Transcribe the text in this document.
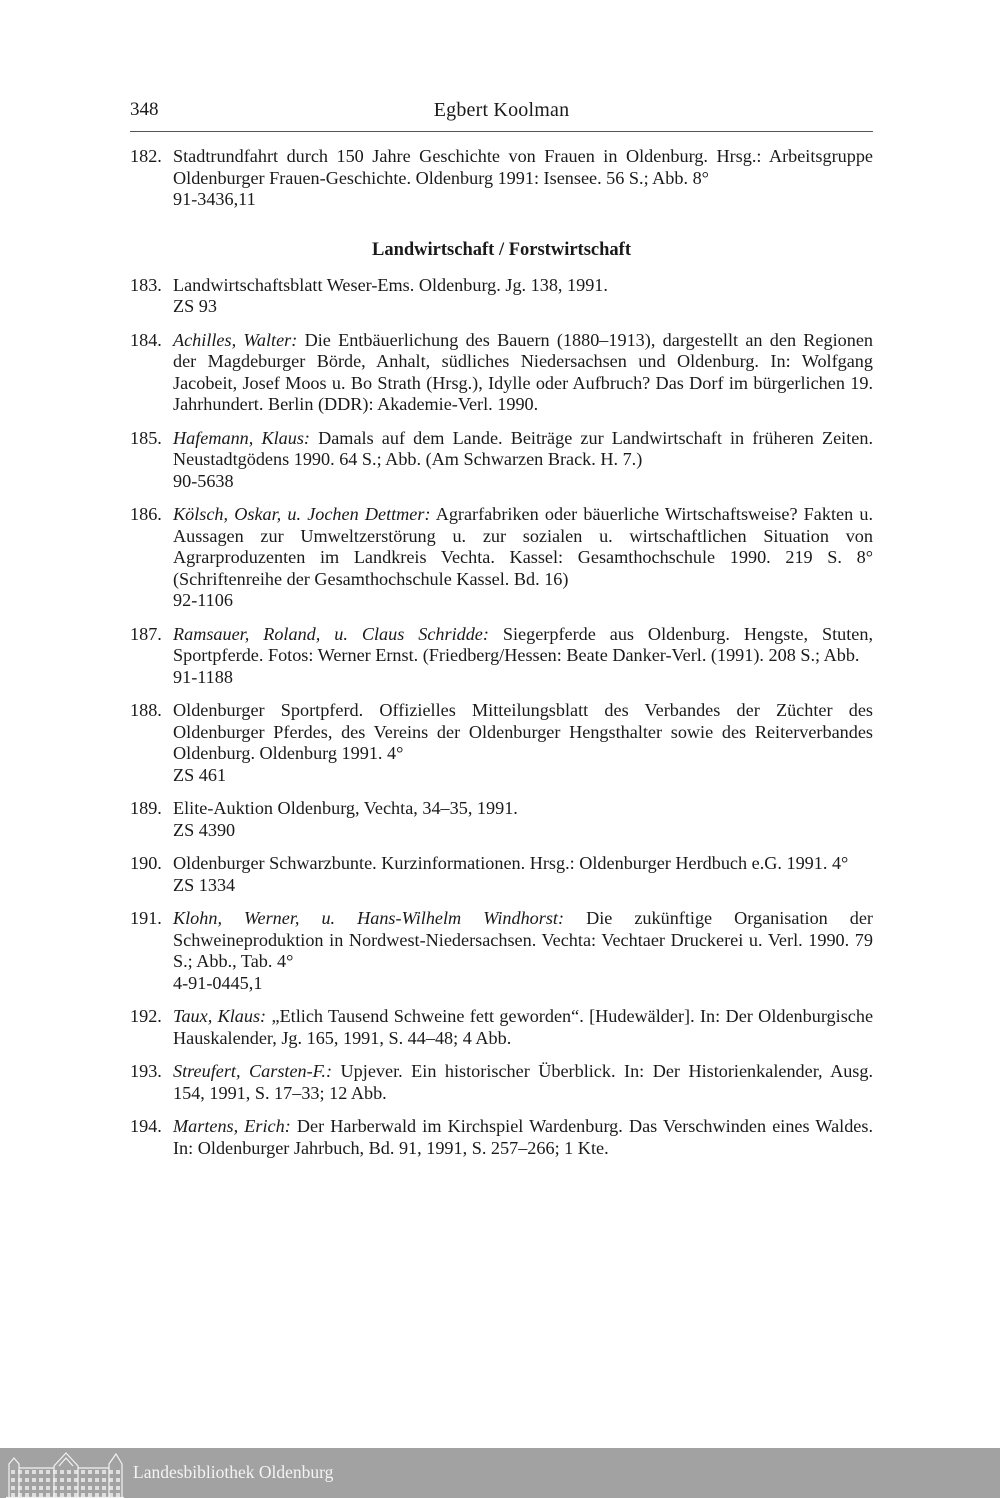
348	Egbert Koolman
182. Stadtrundfahrt durch 150 Jahre Geschichte von Frauen in Oldenburg. Hrsg.: Arbeitsgruppe Oldenburger Frauen-Geschichte. Oldenburg 1991: Isensee. 56 S.; Abb. 8°
91-3436,11
Landwirtschaft / Forstwirtschaft
183. Landwirtschaftsblatt Weser-Ems. Oldenburg. Jg. 138, 1991.
ZS 93
184. Achilles, Walter: Die Entbäuerlichung des Bauern (1880–1913), dargestellt an den Regionen der Magdeburger Börde, Anhalt, südliches Niedersachsen und Oldenburg. In: Wolfgang Jacobeit, Josef Moos u. Bo Strath (Hrsg.), Idylle oder Aufbruch? Das Dorf im bürgerlichen 19. Jahrhundert. Berlin (DDR): Akademie-Verl. 1990.
185. Hafemann, Klaus: Damals auf dem Lande. Beiträge zur Landwirtschaft in früheren Zeiten. Neustadtgödens 1990. 64 S.; Abb. (Am Schwarzen Brack. H. 7.)
90-5638
186. Kölsch, Oskar, u. Jochen Dettmer: Agrarfabriken oder bäuerliche Wirtschaftsweise? Fakten u. Aussagen zur Umweltzerstörung u. zur sozialen u. wirtschaftlichen Situation von Agrarproduzenten im Landkreis Vechta. Kassel: Gesamthochschule 1990. 219 S. 8° (Schriftenreihe der Gesamthochschule Kassel. Bd. 16)
92-1106
187. Ramsauer, Roland, u. Claus Schridde: Siegerpferde aus Oldenburg. Hengste, Stuten, Sportpferde. Fotos: Werner Ernst. (Friedberg/Hessen: Beate Danker-Verl. (1991). 208 S.; Abb.
91-1188
188. Oldenburger Sportpferd. Offizielles Mitteilungsblatt des Verbandes der Züchter des Oldenburger Pferdes, des Vereins der Oldenburger Hengsthalter sowie des Reiterverbandes Oldenburg. Oldenburg 1991. 4°
ZS 461
189. Elite-Auktion Oldenburg, Vechta, 34–35, 1991.
ZS 4390
190. Oldenburger Schwarzbunte. Kurzinformationen. Hrsg.: Oldenburger Herdbuch e.G. 1991. 4°
ZS 1334
191. Klohn, Werner, u. Hans-Wilhelm Windhorst: Die zukünftige Organisation der Schweineproduktion in Nordwest-Niedersachsen. Vechta: Vechtaer Druckerei u. Verl. 1990. 79 S.; Abb., Tab. 4°
4-91-0445,1
192. Taux, Klaus: „Etlich Tausend Schweine fett geworden“. [Hudewälder]. In: Der Oldenburgische Hauskalender, Jg. 165, 1991, S. 44–48; 4 Abb.
193. Streufert, Carsten-F.: Upjever. Ein historischer Überblick. In: Der Historienkalender, Ausg. 154, 1991, S. 17–33; 12 Abb.
194. Martens, Erich: Der Harberwald im Kirchspiel Wardenburg. Das Verschwinden eines Waldes. In: Oldenburger Jahrbuch, Bd. 91, 1991, S. 257–266; 1 Kte.
Landesbibliothek Oldenburg
